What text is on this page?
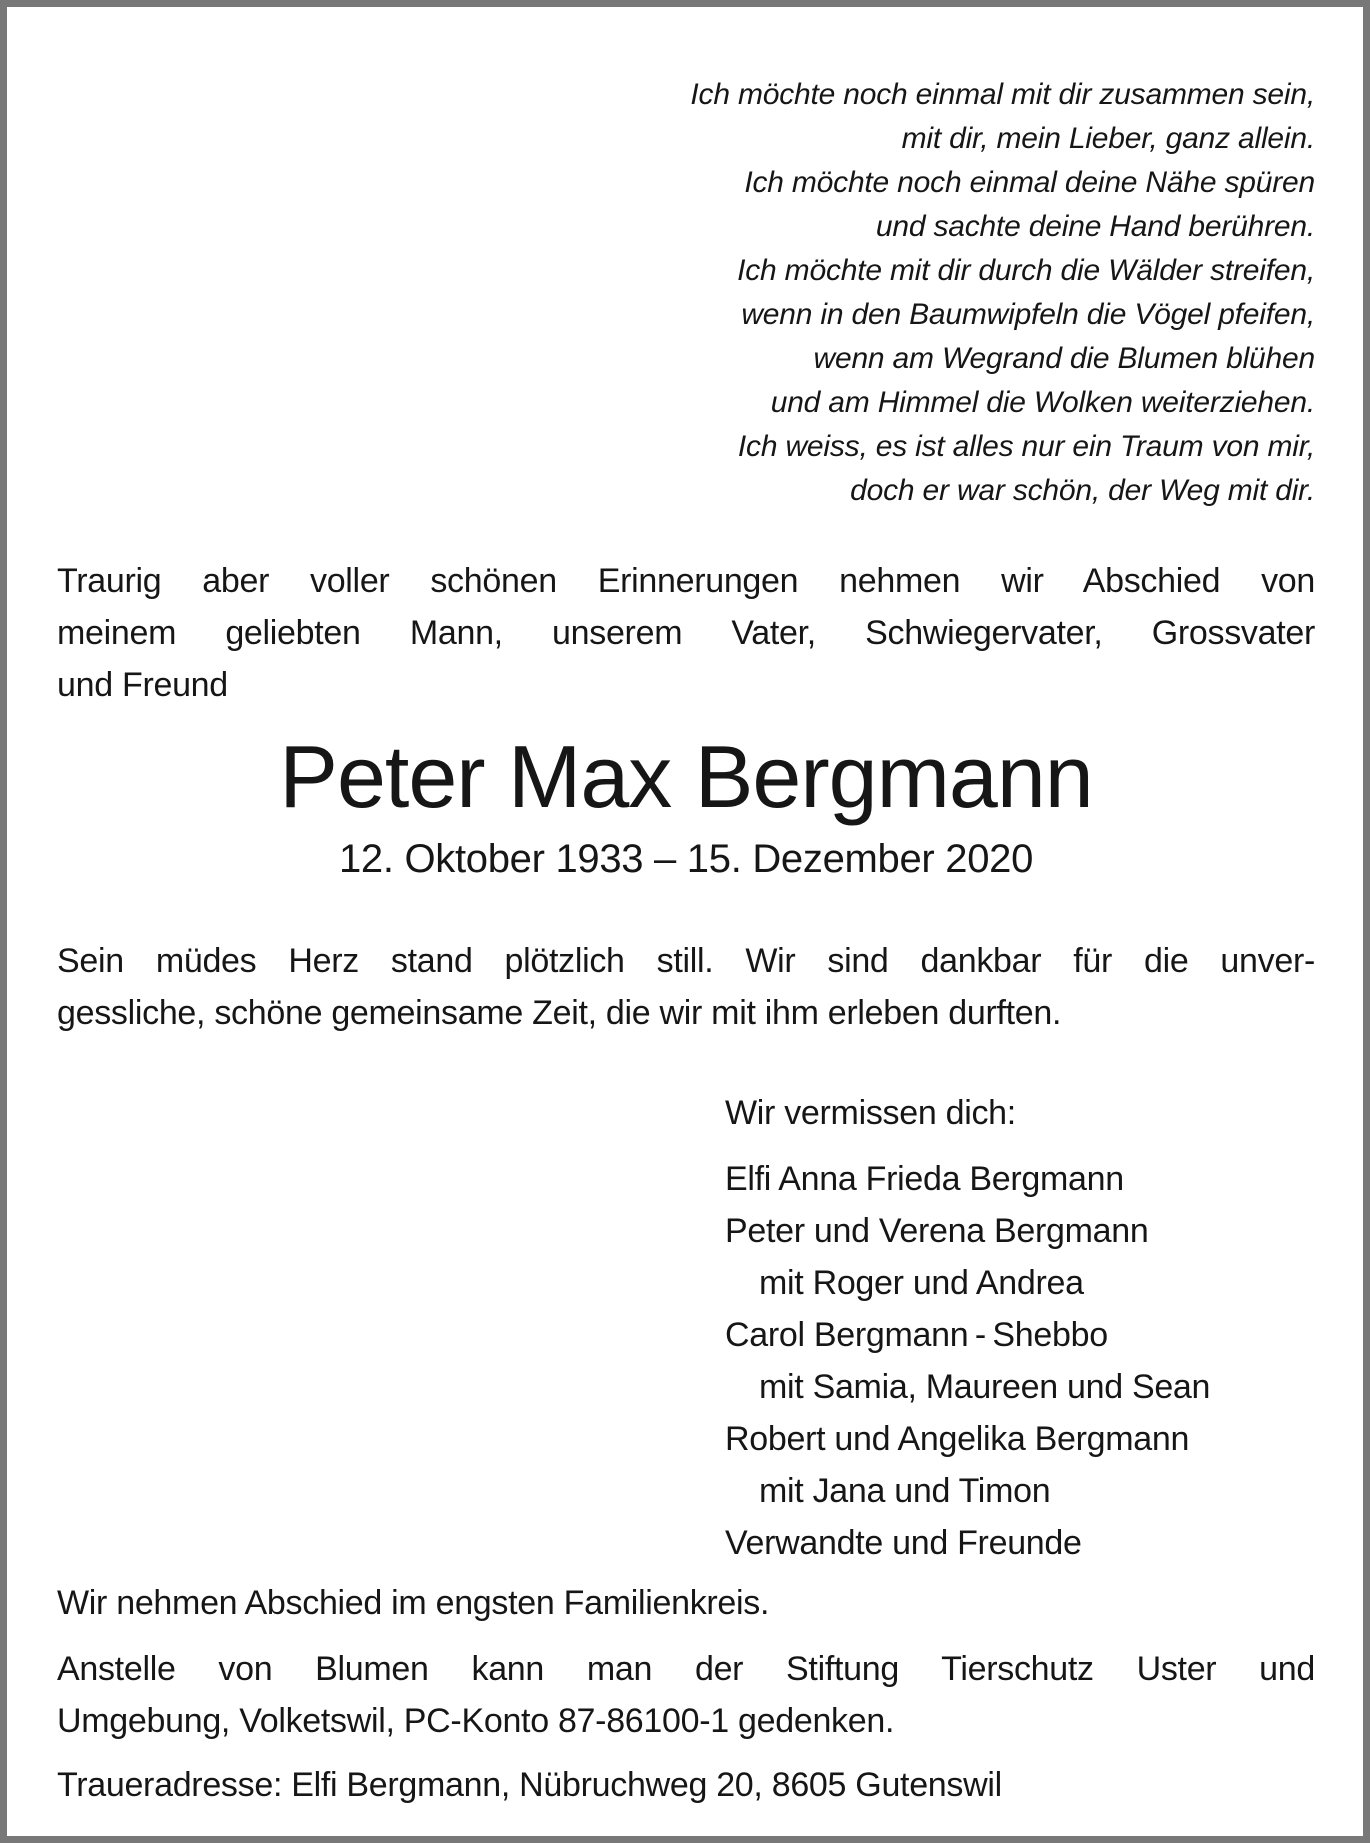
Ich möchte noch einmal mit dir zusammen sein,
mit dir, mein Lieber, ganz allein.
Ich möchte noch einmal deine Nähe spüren
und sachte deine Hand berühren.
Ich möchte mit dir durch die Wälder streifen,
wenn in den Baumwipfeln die Vögel pfeifen,
wenn am Wegrand die Blumen blühen
und am Himmel die Wolken weiterziehen.
Ich weiss, es ist alles nur ein Traum von mir,
doch er war schön, der Weg mit dir.
Traurig aber voller schönen Erinnerungen nehmen wir Abschied von
meinem geliebten Mann, unserem Vater, Schwiegervater, Grossvater
und Freund
Peter Max Bergmann
12. Oktober 1933 – 15. Dezember 2020
Sein müdes Herz stand plötzlich still. Wir sind dankbar für die unver-
gessliche, schöne gemeinsame Zeit, die wir mit ihm erleben durften.
Wir vermissen dich:
Elfi Anna Frieda Bergmann
Peter und Verena Bergmann
mit Roger und Andrea
Carol Bergmann - Shebbo
mit Samia, Maureen und Sean
Robert und Angelika Bergmann
mit Jana und Timon
Verwandte und Freunde
Wir nehmen Abschied im engsten Familienkreis.
Anstelle von Blumen kann man der Stiftung Tierschutz Uster und
Umgebung, Volketswil, PC-Konto 87-86100-1 gedenken.
Traueradresse: Elfi Bergmann, Nübruchweg 20, 8605 Gutenswil
